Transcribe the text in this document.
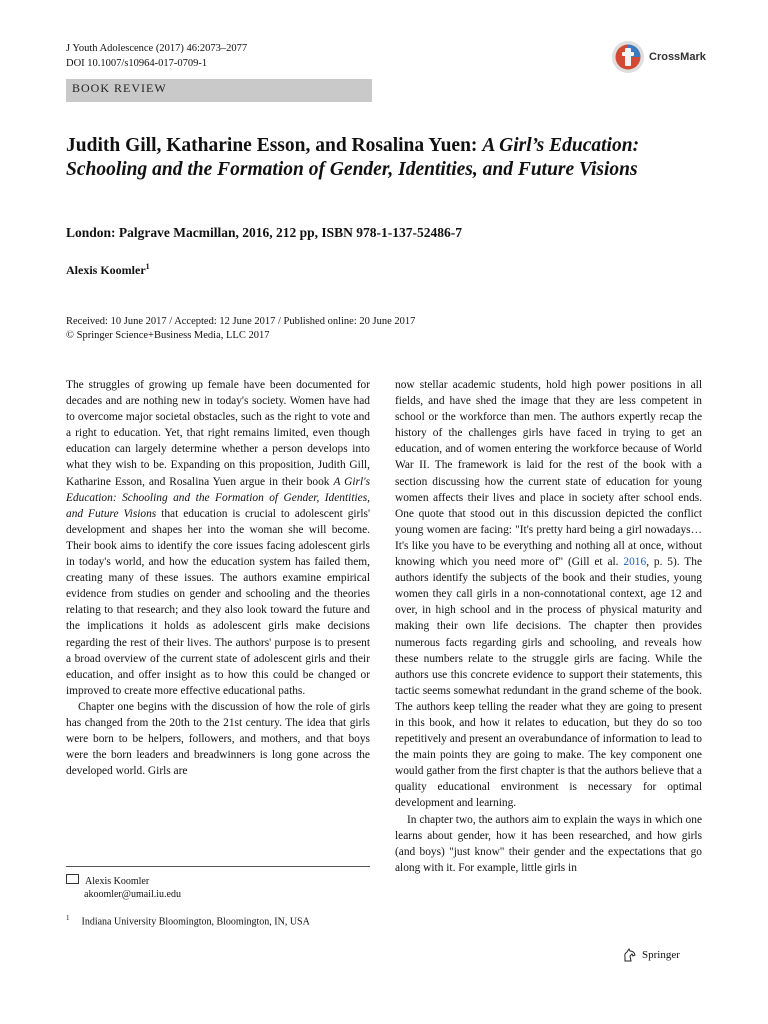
J Youth Adolescence (2017) 46:2073–2077
DOI 10.1007/s10964-017-0709-1
CrossMark
BOOK REVIEW
Judith Gill, Katharine Esson, and Rosalina Yuen: A Girl’s Education: Schooling and the Formation of Gender, Identities, and Future Visions
London: Palgrave Macmillan, 2016, 212 pp, ISBN 978-1-137-52486-7
Alexis Koomler$^1$
Received: 10 June 2017 / Accepted: 12 June 2017 / Published online: 20 June 2017
© Springer Science+Business Media, LLC 2017

The struggles of growing up female have been documented for decades and are nothing new in today's society. Women have had to overcome major societal obstacles, such as the right to vote and a right to education. Yet, that right remains limited, even though education can largely determine whether a person develops into what they wish to be. Expanding on this proposition, Judith Gill, Katharine Esson, and Rosalina Yuen argue in their book A Girl's Education: Schooling and the Formation of Gender, Identities, and Future Visions that education is crucial to adolescent girls' development and shapes her into the woman she will become. Their book aims to identify the core issues facing adolescent girls in today's world, and how the education system has failed them, creating many of these issues. The authors examine empirical evidence from studies on gender and schooling and the theories relating to that research; and they also look toward the future and the implications it holds as adolescent girls make decisions regarding the rest of their lives. The authors' purpose is to present a broad overview of the current state of adolescent girls and their education, and offer insight as to how this could be changed or improved to create more effective educational paths.

Chapter one begins with the discussion of how the role of girls has changed from the 20th to the 21st century. The idea that girls were born to be helpers, followers, and mothers, and that boys were the born leaders and breadwinners is long gone across the developed world. Girls are

now stellar academic students, hold high power positions in all fields, and have shed the image that they are less competent in school or the workforce than men. The authors expertly recap the history of the challenges girls have faced in trying to get an education, and of women entering the workforce because of World War II. The framework is laid for the rest of the book with a section discussing how the current state of education for young women affects their lives and place in society after school ends. One quote that stood out in this discussion depicted the conflict young women are facing: "It's pretty hard being a girl nowadays… It's like you have to be everything and nothing all at once, without knowing which you need more of" (Gill et al. 2016, p. 5). The authors identify the subjects of the book and their studies, young women they call girls in a non-connotational context, age 12 and over, in high school and in the process of physical maturity and making their own life decisions. The chapter then provides numerous facts regarding girls and schooling, and reveals how these numbers relate to the struggle girls are facing. While the authors use this concrete evidence to support their statements, this tactic seems somewhat redundant in the grand scheme of the book. The authors keep telling the reader what they are going to present in this book, and how it relates to education, but they do so too repetitively and present an overabundance of information to lead to the main points they are going to make. The key component one would gather from the first chapter is that the authors believe that a quality educational environment is necessary for optimal development and learning.

In chapter two, the authors aim to explain the ways in which one learns about gender, how it has been researched, and how girls (and boys) "just know" their gender and the expectations that go along with it. For example, little girls in

Alexis Koomler
akoomler@umail.iu.edu
$^1$ Indiana University Bloomington, Bloomington, IN, USA
Springer
